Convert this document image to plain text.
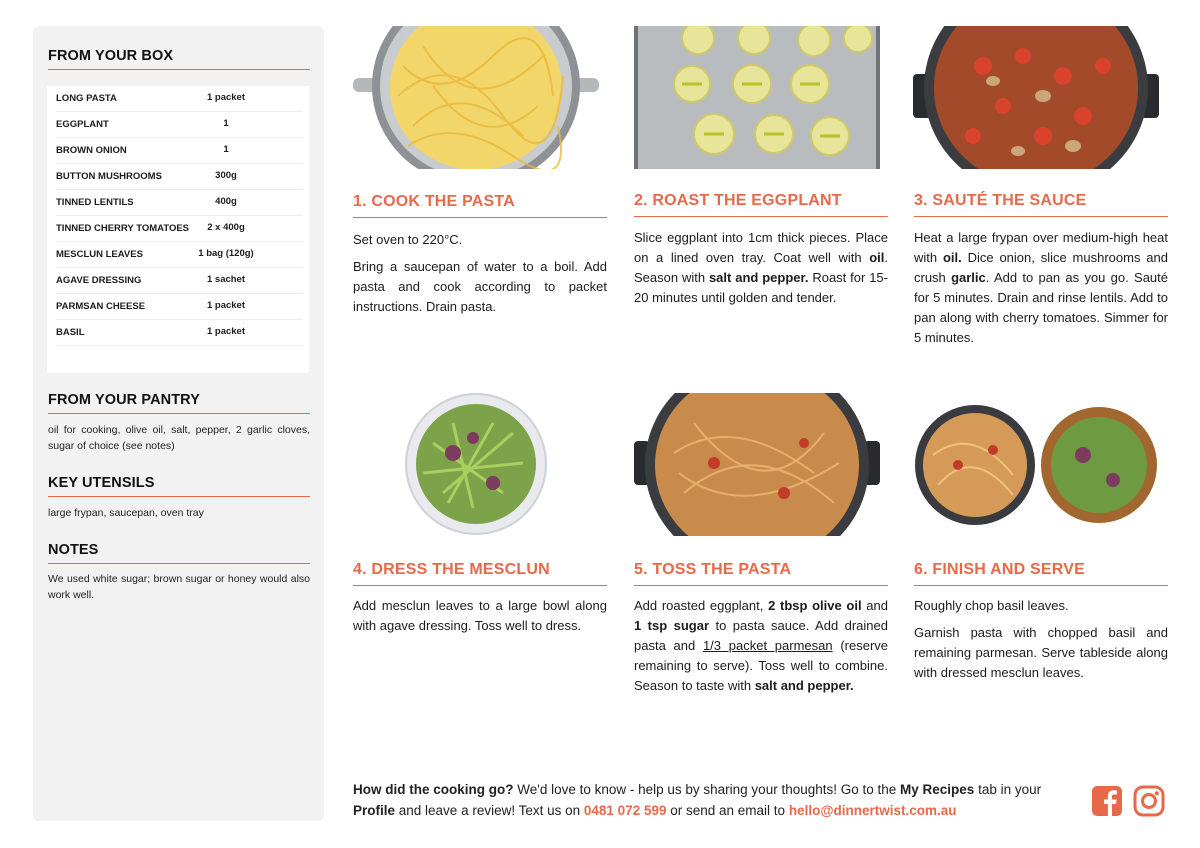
FROM YOUR BOX
LONG PASTA	1 packet
EGGPLANT	1
BROWN ONION	1
BUTTON MUSHROOMS	300g
TINNED LENTILS	400g
TINNED CHERRY TOMATOES	2 x 400g
MESCLUN LEAVES	1 bag (120g)
AGAVE DRESSING	1 sachet
PARMSAN CHEESE	1 packet
BASIL	1 packet
FROM YOUR PANTRY
oil for cooking, olive oil, salt, pepper, 2 garlic cloves, sugar of choice (see notes)
KEY UTENSILS
large frypan, saucepan, oven tray
NOTES
We used white sugar; brown sugar or honey would also work well.
1. COOK THE PASTA

Set oven to 220°C.

Bring a saucepan of water to a boil. Add pasta and cook according to packet instructions. Drain pasta.

2. ROAST THE EGGPLANT

Slice eggplant into 1cm thick pieces. Place on a lined oven tray. Coat well with oil. Season with salt and pepper. Roast for 15-20 minutes until golden and tender.

3. SAUTÉ THE SAUCE

Heat a large frypan over medium-high heat with oil. Dice onion, slice mushrooms and crush garlic. Add to pan as you go. Sauté for 5 minutes. Drain and rinse lentils. Add to pan along with cherry tomatoes. Simmer for 5 minutes.

4. DRESS THE MESCLUN

Add mesclun leaves to a large bowl along with agave dressing. Toss well to dress.

5. TOSS THE PASTA

Add roasted eggplant, 2 tbsp olive oil and 1 tsp sugar to pasta sauce. Add drained pasta and 1/3 packet parmesan (reserve remaining to serve). Toss well to combine. Season to taste with salt and pepper.

6. FINISH AND SERVE

Roughly chop basil leaves.

Garnish pasta with chopped basil and remaining parmesan. Serve tableside along with dressed mesclun leaves.

How did the cooking go? We'd love to know - help us by sharing your thoughts! Go to the My Recipes tab in your Profile and leave a review! Text us on 0481 072 599 or send an email to hello@dinnertwist.com.au
